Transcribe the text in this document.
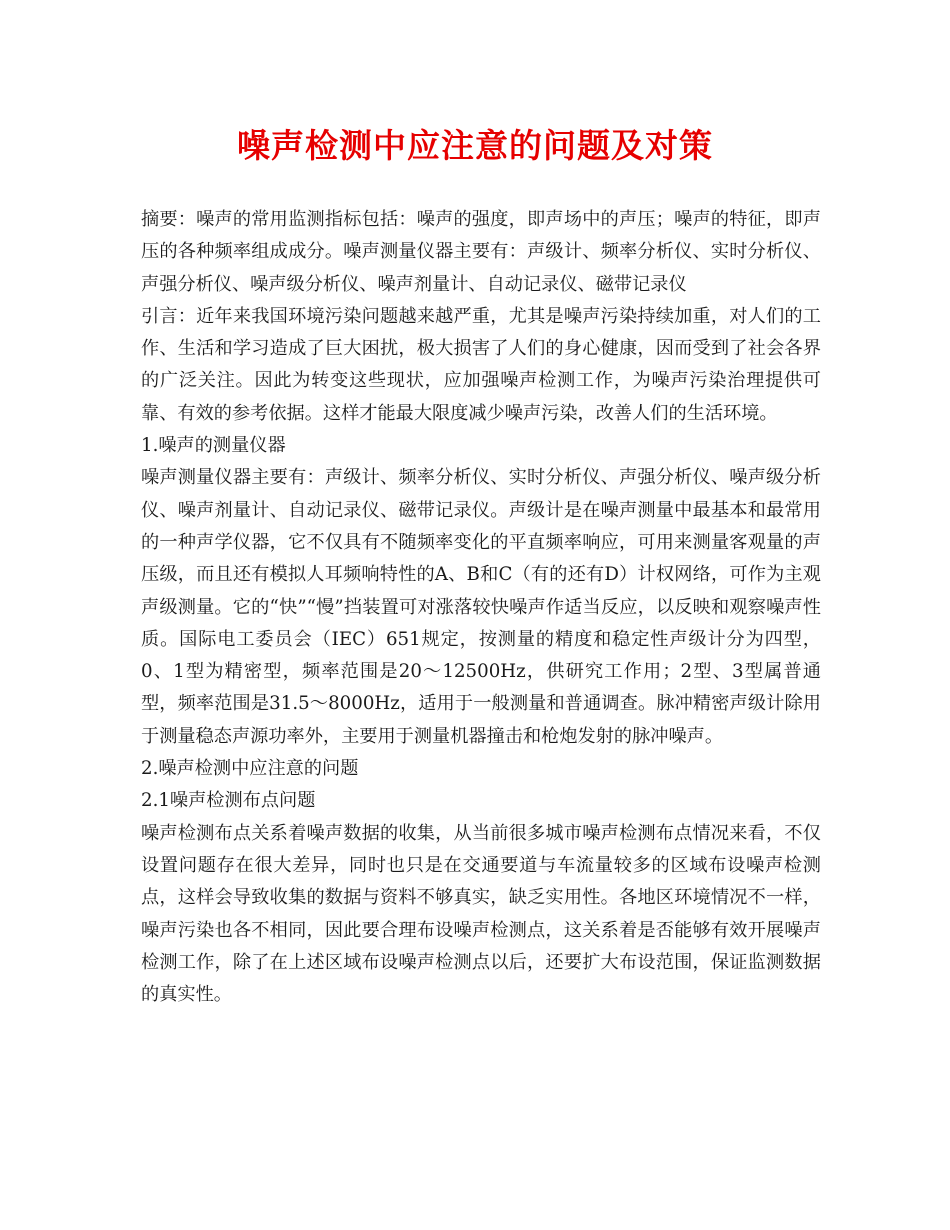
噪声检测中应注意的问题及对策

摘要：噪声的常用监测指标包括：噪声的强度，即声场中的声压；噪声的特征，即声压的各种频率组成成分。噪声测量仪器主要有：声级计、频率分析仪、实时分析仪、声强分析仪、噪声级分析仪、噪声剂量计、自动记录仪、磁带记录仪

引言：近年来我国环境污染问题越来越严重，尤其是噪声污染持续加重，对人们的工作、生活和学习造成了巨大困扰，极大损害了人们的身心健康，因而受到了社会各界的广泛关注。因此为转变这些现状，应加强噪声检测工作，为噪声污染治理提供可靠、有效的参考依据。这样才能最大限度减少噪声污染，改善人们的生活环境。

1.噪声的测量仪器

噪声测量仪器主要有：声级计、频率分析仪、实时分析仪、声强分析仪、噪声级分析仪、噪声剂量计、自动记录仪、磁带记录仪。声级计是在噪声测量中最基本和最常用的一种声学仪器，它不仅具有不随频率变化的平直频率响应，可用来测量客观量的声压级，而且还有模拟人耳频响特性的A、B和C（有的还有D）计权网络，可作为主观声级测量。它的“快”“慢”挡装置可对涨落较快噪声作适当反应，以反映和观察噪声性质。国际电工委员会（IEC）651规定，按测量的精度和稳定性声级计分为四型，0、1型为精密型，频率范围是20～12500Hz，供研究工作用；2型、3型属普通型，频率范围是31.5～8000Hz，适用于一般测量和普通调查。脉冲精密声级计除用于测量稳态声源功率外，主要用于测量机器撞击和枪炮发射的脉冲噪声。

2.噪声检测中应注意的问题

2.1噪声检测布点问题

噪声检测布点关系着噪声数据的收集，从当前很多城市噪声检测布点情况来看，不仅设置问题存在很大差异，同时也只是在交通要道与车流量较多的区域布设噪声检测点，这样会导致收集的数据与资料不够真实，缺乏实用性。各地区环境情况不一样，噪声污染也各不相同，因此要合理布设噪声检测点，这关系着是否能够有效开展噪声检测工作，除了在上述区域布设噪声检测点以后，还要扩大布设范围，保证监测数据的真实性。
